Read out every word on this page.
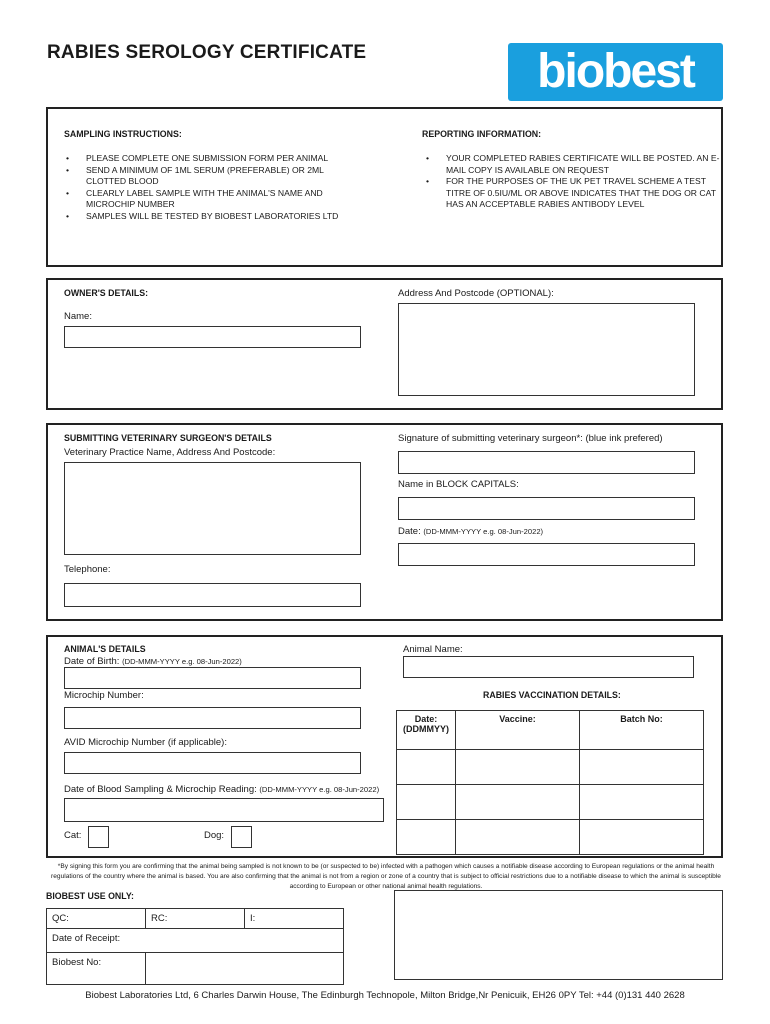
RABIES SEROLOGY CERTIFICATE	biobest
SAMPLING INSTRUCTIONS:
• PLEASE COMPLETE ONE SUBMISSION FORM PER ANIMAL
• SEND A MINIMUM OF 1ML SERUM (PREFERABLE) OR 2ML CLOTTED BLOOD
• CLEARLY LABEL SAMPLE WITH THE ANIMAL'S NAME AND MICROCHIP NUMBER
• SAMPLES WILL BE TESTED BY BIOBEST LABORATORIES LTD
REPORTING INFORMATION:
• YOUR COMPLETED RABIES CERTIFICATE WILL BE POSTED. AN E-MAIL COPY IS AVAILABLE ON REQUEST
• FOR THE PURPOSES OF THE UK PET TRAVEL SCHEME A TEST TITRE OF 0.5IU/ML OR ABOVE INDICATES THAT THE DOG OR CAT HAS AN ACCEPTABLE RABIES ANTIBODY LEVEL
OWNER'S DETAILS:
Name:
Address And Postcode (OPTIONAL):
SUBMITTING VETERINARY SURGEON'S DETAILS
Veterinary Practice Name, Address And Postcode:
Telephone:
Signature of submitting veterinary surgeon*: (blue ink prefered)
Name in BLOCK CAPITALS:
Date: (DD-MMM-YYYY e.g. 08-Jun-2022)
ANIMAL'S DETAILS
Date of Birth: (DD-MMM-YYYY e.g. 08-Jun-2022)
Microchip Number:
AVID Microchip Number (if applicable):
Date of Blood Sampling & Microchip Reading: (DD-MMM-YYYY e.g. 08-Jun-2022)
Cat:	Dog:
Animal Name:
RABIES VACCINATION DETAILS:
Date: (DDMMYY)	Vaccine:	Batch No:

*By signing this form you are confirming that the animal being sampled is not known to be (or suspected to be) infected with a pathogen which causes a notifiable disease according to European regulations or the animal health regulations of the country where the animal is based. You are also confirming that the animal is not from a region or zone of a country that is subject to official restrictions due to a notifiable disease to which the animal is susceptible according to European or other national animal health regulations.
BIOBEST USE ONLY:
QC:	RC:	I:
Date of Receipt:		
Biobest No:		
Biobest Laboratories Ltd, 6 Charles Darwin House, The Edinburgh Technopole, Milton Bridge,Nr Penicuik, EH26 0PY Tel: +44 (0)131 440 2628
